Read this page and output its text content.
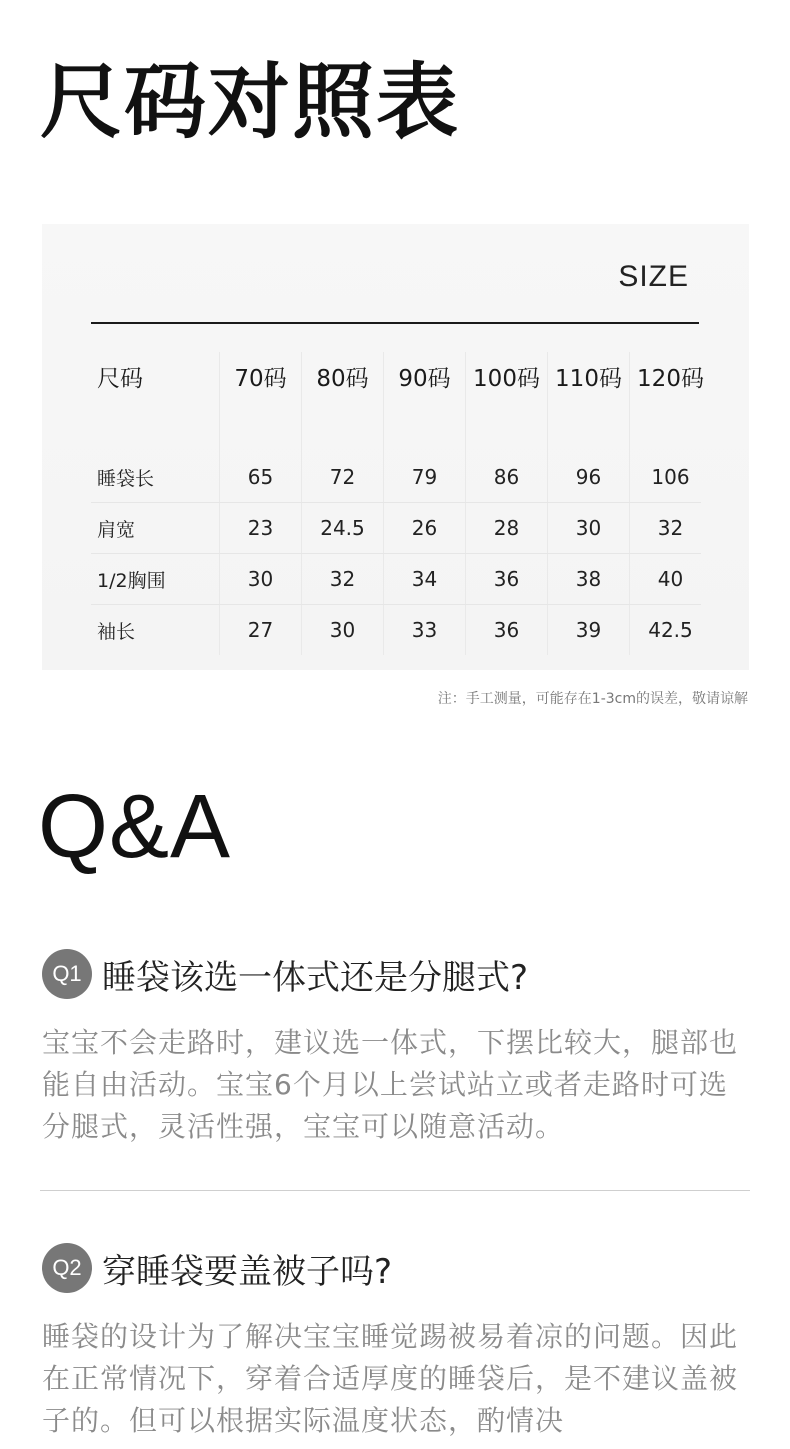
尺码对照表
SIZE
尺码	70码	80码	90码 100码 110码 120码
睡袋长	65	72	79	86	96	106
肩宽	23	24.5	26	28	30	32
1/2胸围	30	32	34	36	38	40
袖长	27	30	33	36	39	42.5
注：手工测量，可能存在1-3cm的误差，敬请谅解
Q&A
Q1 睡袋该选一体式还是分腿式?
宝宝不会走路时，建议选一体式，下摆比较大，腿部也能自由活动。宝宝6个月以上尝试站立或者走路时可选分腿式，灵活性强，宝宝可以随意活动。
Q2 穿睡袋要盖被子吗?
睡袋的设计为了解决宝宝睡觉踢被易着凉的问题。因此在正常情况下，穿着合适厚度的睡袋后，是不建议盖被子的。但可以根据实际温度状态，酌情决
